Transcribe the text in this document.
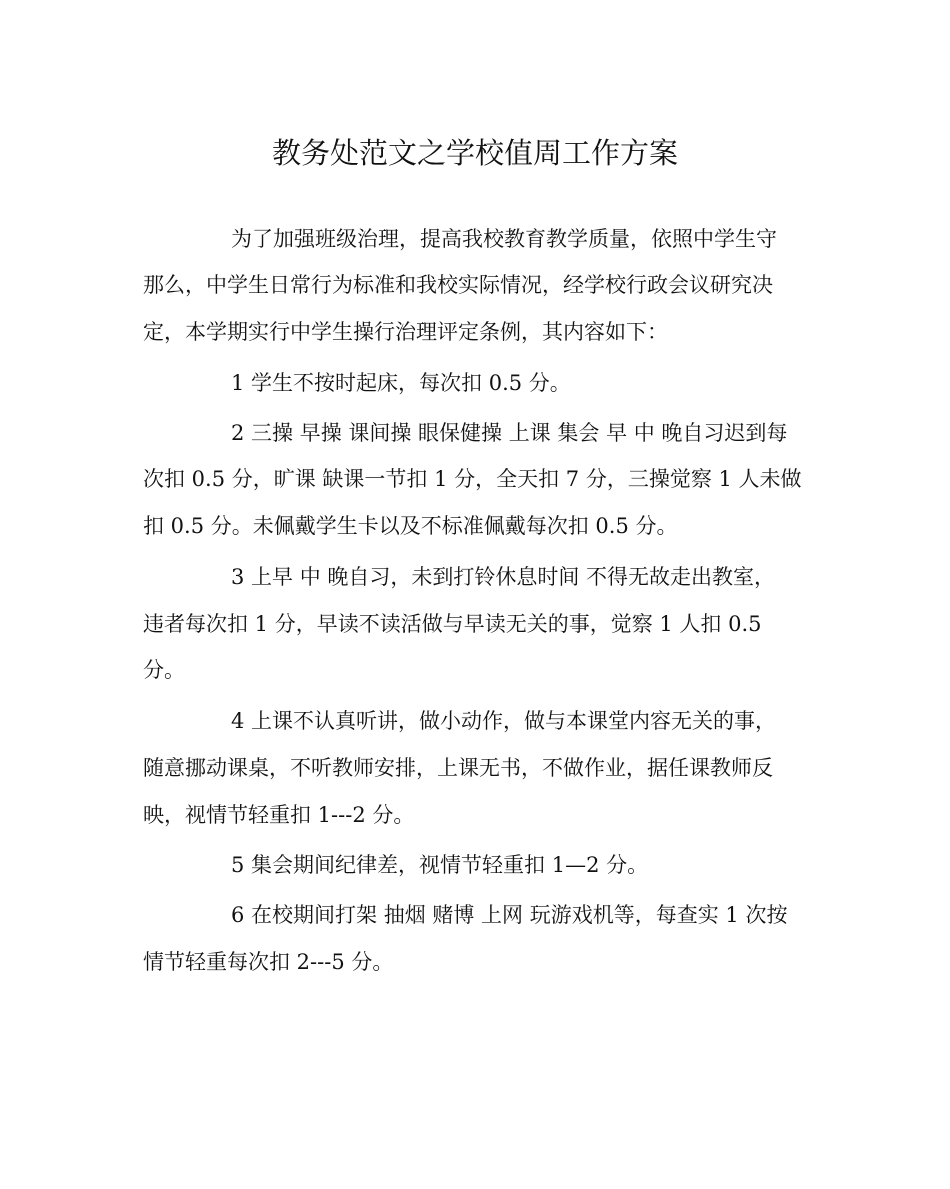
教务处范文之学校值周工作方案

为了加强班级治理，提高我校教育教学质量，依照中学生守

那么，中学生日常行为标准和我校实际情况，经学校行政会议研究决

定，本学期实行中学生操行治理评定条例，其内容如下：

1 学生不按时起床，每次扣 0.5 分。

2 三操 早操 课间操 眼保健操 上课 集会 早 中 晚自习迟到每

次扣 0.5 分，旷课 缺课一节扣 1 分，全天扣 7 分，三操觉察 1 人未做

扣 0.5 分。未佩戴学生卡以及不标准佩戴每次扣 0.5 分。

3 上早 中 晚自习，未到打铃休息时间 不得无故走出教室，

违者每次扣 1 分，早读不读活做与早读无关的事，觉察 1 人扣 0.5

分。

4 上课不认真听讲，做小动作，做与本课堂内容无关的事，

随意挪动课桌，不听教师安排，上课无书，不做作业，据任课教师反

映，视情节轻重扣 1---2 分。

5 集会期间纪律差，视情节轻重扣 1—2 分。

6 在校期间打架 抽烟 赌博 上网 玩游戏机等，每查实 1 次按

情节轻重每次扣 2---5 分。
